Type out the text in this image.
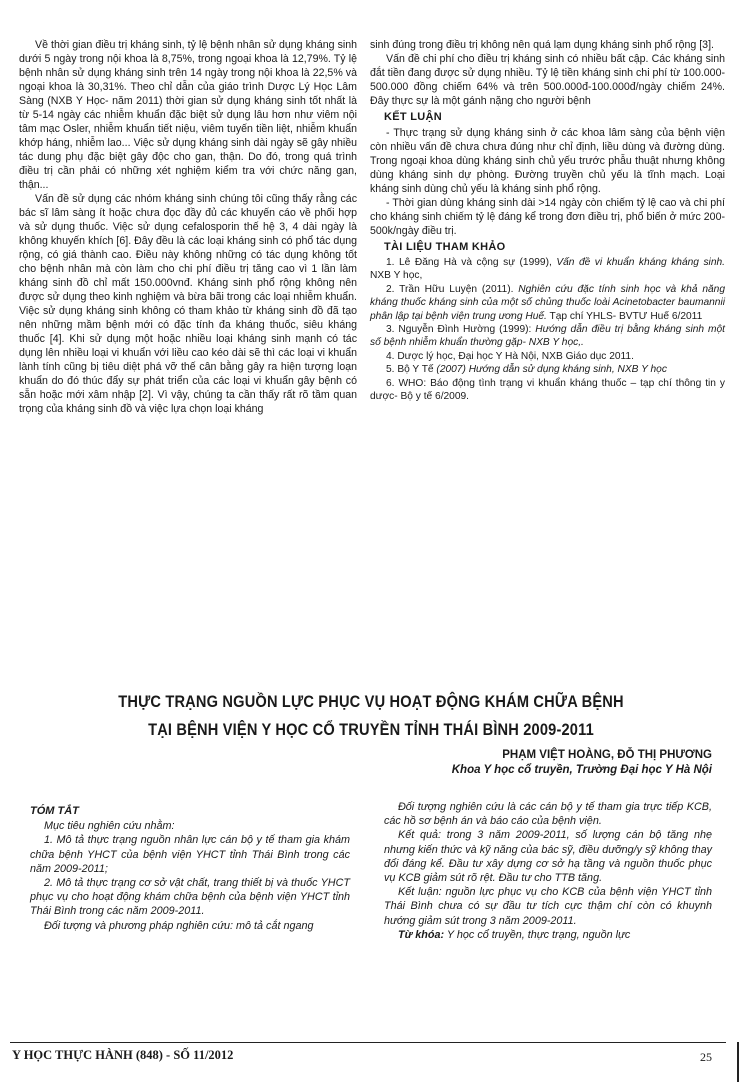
Về thời gian điều trị kháng sinh, tỷ lệ bệnh nhân sử dụng kháng sinh dưới 5 ngày trong nội khoa là 8,75%, trong ngoại khoa là 12,79%. Tỷ lệ bệnh nhân sử dụng kháng sinh trên 14 ngày trong nội khoa là 22,5% và ngoại khoa là 30,31%. Theo chỉ dẫn của giáo trình Dược Lý Học Lâm Sàng (NXB Y Học- năm 2011) thời gian sử dụng kháng sinh tốt nhất là từ 5-14 ngày các nhiễm khuẩn đặc biệt sử dụng lâu hơn như viêm nội tâm mạc Osler, nhiễm khuẩn tiết niệu, viêm tuyến tiền liệt, nhiễm khuẩn khớp háng, nhiễm lao... Việc sử dụng kháng sinh dài ngày sẽ gây nhiều tác dung phụ đặc biệt gây độc cho gan, thận. Do đó, trong quá trình điều trị cần phải có những xét nghiệm kiểm tra với chức năng gan, thận...

Vấn đề sử dụng các nhóm kháng sinh chúng tôi cũng thấy rằng các bác sĩ lâm sàng ít hoặc chưa đọc đầy đủ các khuyến cáo về phối hợp và sử dụng thuốc. Việc sử dụng cefalosporin thế hệ 3, 4 dài ngày là không khuyến khích [6]. Đây đều là các loại kháng sinh có phổ tác dụng rộng, có giá thành cao. Điều này không những có tác dụng không tốt cho bệnh nhân mà còn làm cho chi phí điều trị tăng cao vì 1 lần làm kháng sinh đồ chỉ mất 150.000vnđ. Kháng sinh phổ rộng không nên được sử dụng theo kinh nghiệm và bừa bãi trong các loại nhiễm khuẩn. Việc sử dụng kháng sinh không có tham khảo từ kháng sinh đồ đã tạo nên những mầm bệnh mới có đặc tính đa kháng thuốc, siêu kháng thuốc [4]. Khi sử dụng một hoặc nhiều loại kháng sinh mạnh có tác dụng lên nhiều loại vi khuẩn với liều cao kéo dài sẽ thì các loại vi khuẩn lành tính cũng bị tiêu diệt phá vỡ thế cân bằng gây ra hiện tượng loạn khuẩn do đó thúc đẩy sự phát triển của các loại vi khuẩn gây bệnh có sẵn hoặc mới xâm nhập [2]. Vì vậy, chúng ta cần thấy rất rõ tầm quan trọng của kháng sinh đồ và việc lựa chọn loại kháng

sinh đúng trong điều trị không nên quá lạm dụng kháng sinh phổ rộng [3].

Vấn đề chi phí cho điều trị kháng sinh có nhiều bất cập. Các kháng sinh đắt tiền đang được sử dụng nhiều. Tỷ lệ tiền kháng sinh chi phí từ 100.000-500.000 đồng chiếm 64% và trên 500.000đ-100.000đ/ngày chiếm 24%. Đây thực sự là một gánh nặng cho người bệnh

KẾT LUẬN

- Thực trạng sử dụng kháng sinh ở các khoa lâm sàng của bệnh viện còn nhiều vấn đề chưa chưa đúng như chỉ định, liều dùng và đường dùng. Trong ngoại khoa dùng kháng sinh chủ yếu trước phẫu thuật nhưng không dùng kháng sinh dự phòng. Đường truyền chủ yếu là tĩnh mạch. Loại kháng sinh dùng chủ yếu là kháng sinh phổ rộng.

- Thời gian dùng kháng sinh dài >14 ngày còn chiếm tỷ lệ cao và chi phí cho kháng sinh chiếm tỷ lệ đáng kể trong đơn điều trị, phổ biến ở mức 200-500k/ngày điều trị.

TÀI LIỆU THAM KHẢO

1. Lê Đăng Hà và cộng sự (1999), Vấn đề vi khuẩn kháng kháng sinh. NXB Y học,

2. Trần Hữu Luyện (2011). Nghiên cứu đặc tính sinh học và khả năng kháng thuốc kháng sinh của một số chủng thuốc loài Acinetobacter baumannii phân lập tại bệnh viện trung ương Huế. Tạp chí YHLS- BVTƯ Huế 6/2011

3. Nguyễn Đình Hường (1999): Hướng dẫn điều trị bằng kháng sinh một số bệnh nhiễm khuẩn thường gặp- NXB Y học,.

4. Dược lý học, Đại học Y Hà Nội, NXB Giáo dục 2011.

5. Bộ Y Tế (2007) Hướng dẫn sử dụng kháng sinh, NXB Y học

6. WHO: Báo động tình trạng vi khuẩn kháng thuốc – tạp chí thông tin y dược- Bộ y tế 6/2009.

THỰC TRẠNG NGUỒN LỰC PHỤC VỤ HOẠT ĐỘNG KHÁM CHỮA BỆNH
TẠI BỆNH VIỆN Y HỌC CỔ TRUYỀN TỈNH THÁI BÌNH 2009-2011
PHẠM VIỆT HOÀNG, ĐỖ THỊ PHƯƠNG
Khoa Y học cổ truyền, Trường Đại học Y Hà Nội

TÓM TẮT

Mục tiêu nghiên cứu nhằm:

1. Mô tả thực trạng nguồn nhân lực cán bộ y tế tham gia khám chữa bệnh YHCT của bệnh viện YHCT tỉnh Thái Bình trong các năm 2009-2011;

2. Mô tả thực trạng cơ sở vật chất, trang thiết bị và thuốc YHCT phục vụ cho hoạt động khám chữa bệnh của bệnh viện YHCT tỉnh Thái Bình trong các năm 2009-2011.

Đối tượng và phương pháp nghiên cứu: mô tả cắt ngang

Đối tượng nghiên cứu là các cán bộ y tế tham gia trực tiếp KCB, các hồ sơ bệnh án và báo cáo của bệnh viện.

Kết quả: trong 3 năm 2009-2011, số lượng cán bộ tăng nhẹ nhưng kiến thức và kỹ năng của bác sỹ, điều dưỡng/y sỹ không thay đổi đáng kể. Đầu tư xây dựng cơ sở hạ tầng và nguồn thuốc phục vụ KCB giảm sút rõ rệt. Đầu tư cho TTB tăng.

Kết luận: nguồn lực phục vụ cho KCB của bệnh viện YHCT tỉnh Thái Bình chưa có sự đầu tư tích cực thậm chí còn có khuynh hướng giảm sút trong 3 năm 2009-2011.

Từ khóa: Y học cổ truyền, thực trạng, nguồn lực

Y HỌC THỰC HÀNH (848) - SỐ 11/2012	25
